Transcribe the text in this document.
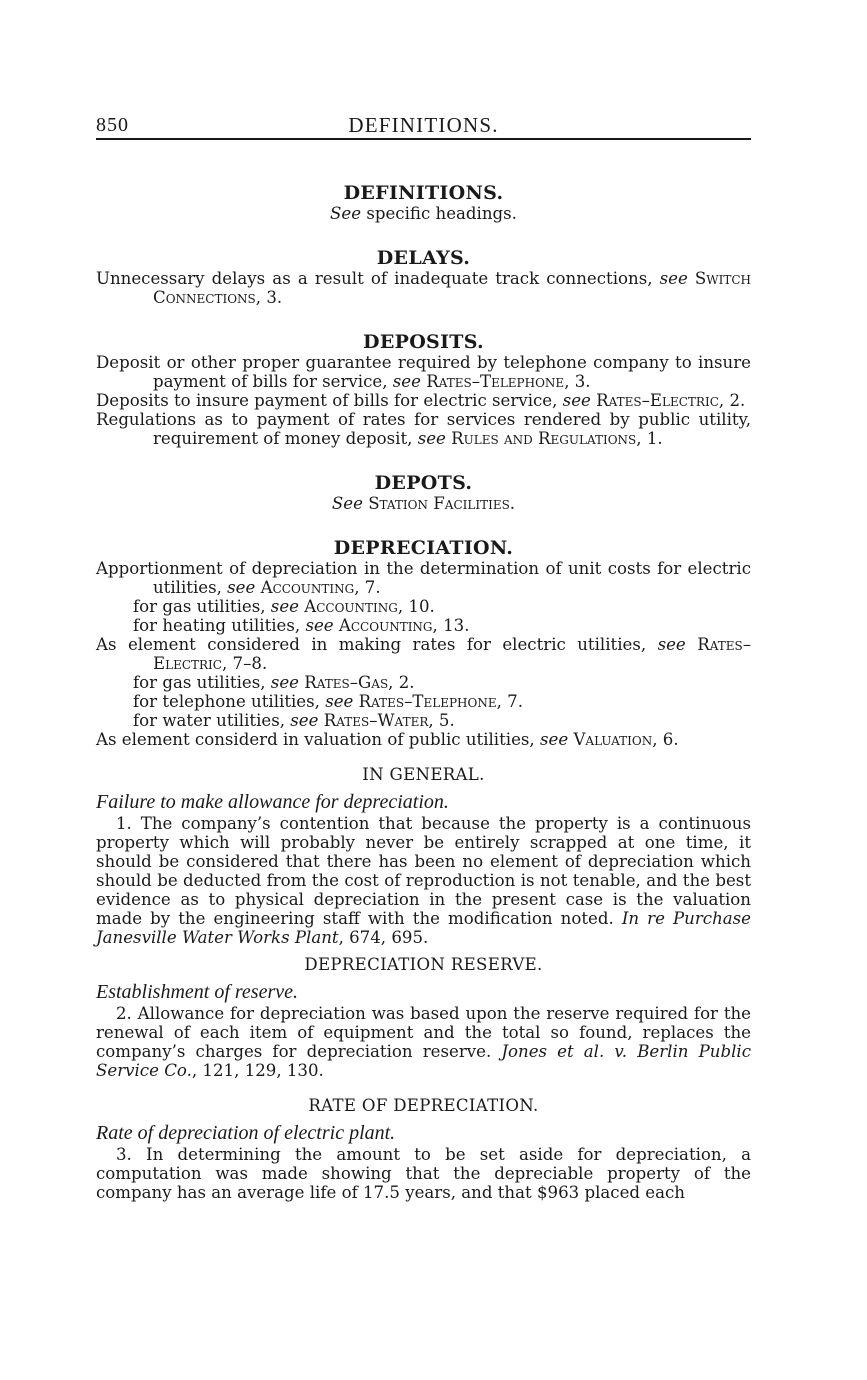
850	DEFINITIONS.
DEFINITIONS.
See specific headings.
DELAYS.
Unnecessary delays as a result of inadequate track connections, see Switch Connections, 3.
DEPOSITS.
Deposit or other proper guarantee required by telephone company to insure payment of bills for service, see Rates–Telephone, 3.
Deposits to insure payment of bills for electric service, see Rates–Electric, 2.
Regulations as to payment of rates for services rendered by public utility, requirement of money deposit, see Rules and Regulations, 1.
DEPOTS.
See Station Facilities.
DEPRECIATION.
Apportionment of depreciation in the determination of unit costs for electric utilities, see Accounting, 7.
for gas utilities, see Accounting, 10.
for heating utilities, see Accounting, 13.
As element considered in making rates for electric utilities, see Rates–Electric, 7–8.
for gas utilities, see Rates–Gas, 2.
for telephone utilities, see Rates–Telephone, 7.
for water utilities, see Rates–Water, 5.
As element considerd in valuation of public utilities, see Valuation, 6.
IN GENERAL.
Failure to make allowance for depreciation.
1. The company’s contention that because the property is a continuous property which will probably never be entirely scrapped at one time, it should be considered that there has been no element of depreciation which should be deducted from the cost of reproduction is not tenable, and the best evidence as to physical depreciation in the present case is the valuation made by the engineering staff with the modification noted. In re Purchase Janesville Water Works Plant, 674, 695.
DEPRECIATION RESERVE.
Establishment of reserve.
2. Allowance for depreciation was based upon the reserve required for the renewal of each item of equipment and the total so found, replaces the company’s charges for depreciation reserve. Jones et al. v. Berlin Public Service Co., 121, 129, 130.
RATE OF DEPRECIATION.
Rate of depreciation of electric plant.
3. In determining the amount to be set aside for depreciation, a computation was made showing that the depreciable property of the company has an average life of 17.5 years, and that $963 placed each
